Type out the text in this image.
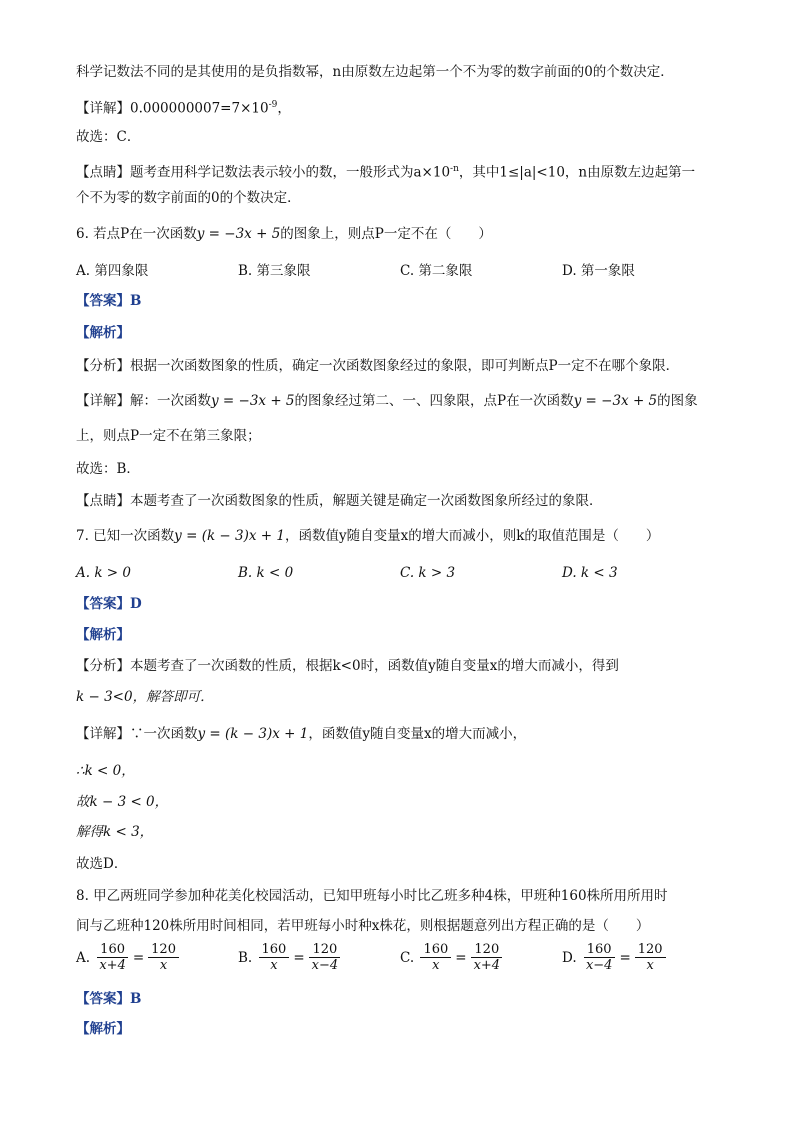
科学记数法不同的是其使用的是负指数幂，n由原数左边起第一个不为零的数字前面的0的个数决定．
【详解】$0.000000007=7\times 10^{-9}$，
故选：C．
【点睛】题考查用科学记数法表示较小的数，一般形式为$a\times 10^{-n}$，其中1≤|a|<10，n由原数左边起第一
个不为零的数字前面的0的个数决定．
6. 若点P在一次函数y = −3x + 5的图象上，则点P一定不在（　　）
A. 第四象限	B. 第三象限	C. 第二象限	D. 第一象限
【答案】B
【解析】
【分析】根据一次函数图象的性质，确定一次函数图象经过的象限，即可判断点P一定不在哪个象限．
【详解】解：一次函数y = −3x + 5的图象经过第二、一、四象限，点P在一次函数y = −3x + 5的图象
上，则点P一定不在第三象限；
故选：B．
【点睛】本题考查了一次函数图象的性质，解题关键是确定一次函数图象所经过的象限．
7. 已知一次函数y = (k − 3)x + 1，函数值y随自变量x的增大而减小，则k的取值范围是（　　）
A. k > 0	B. k < 0	C. k > 3	D. k < 3
【答案】D
【解析】
【分析】本题考查了一次函数的性质，根据k<0时，函数值y随自变量x的增大而减小，得到
k − 3<0，解答即可．
【详解】∵一次函数y = (k − 3)x + 1，函数值y随自变量x的增大而减小，
∴k < 0，
故k − 3 < 0，
解得k < 3，
故选D．
8. 甲乙两班同学参加种花美化校园活动，已知甲班每小时比乙班多种4株，甲班种160株所用所用时
间与乙班种120株所用时间相同，若甲班每小时种x株花，则根据题意列出方程正确的是（　　）
A.
$\frac{160}{x+4} = \frac{120}{x}$	B.
$\frac{160}{x} = \frac{120}{x-4}$	C.
$\frac{160}{x} = \frac{120}{x+4}$	D.
$\frac{160}{x-4} = \frac{120}{x}$
【答案】B
【解析】
